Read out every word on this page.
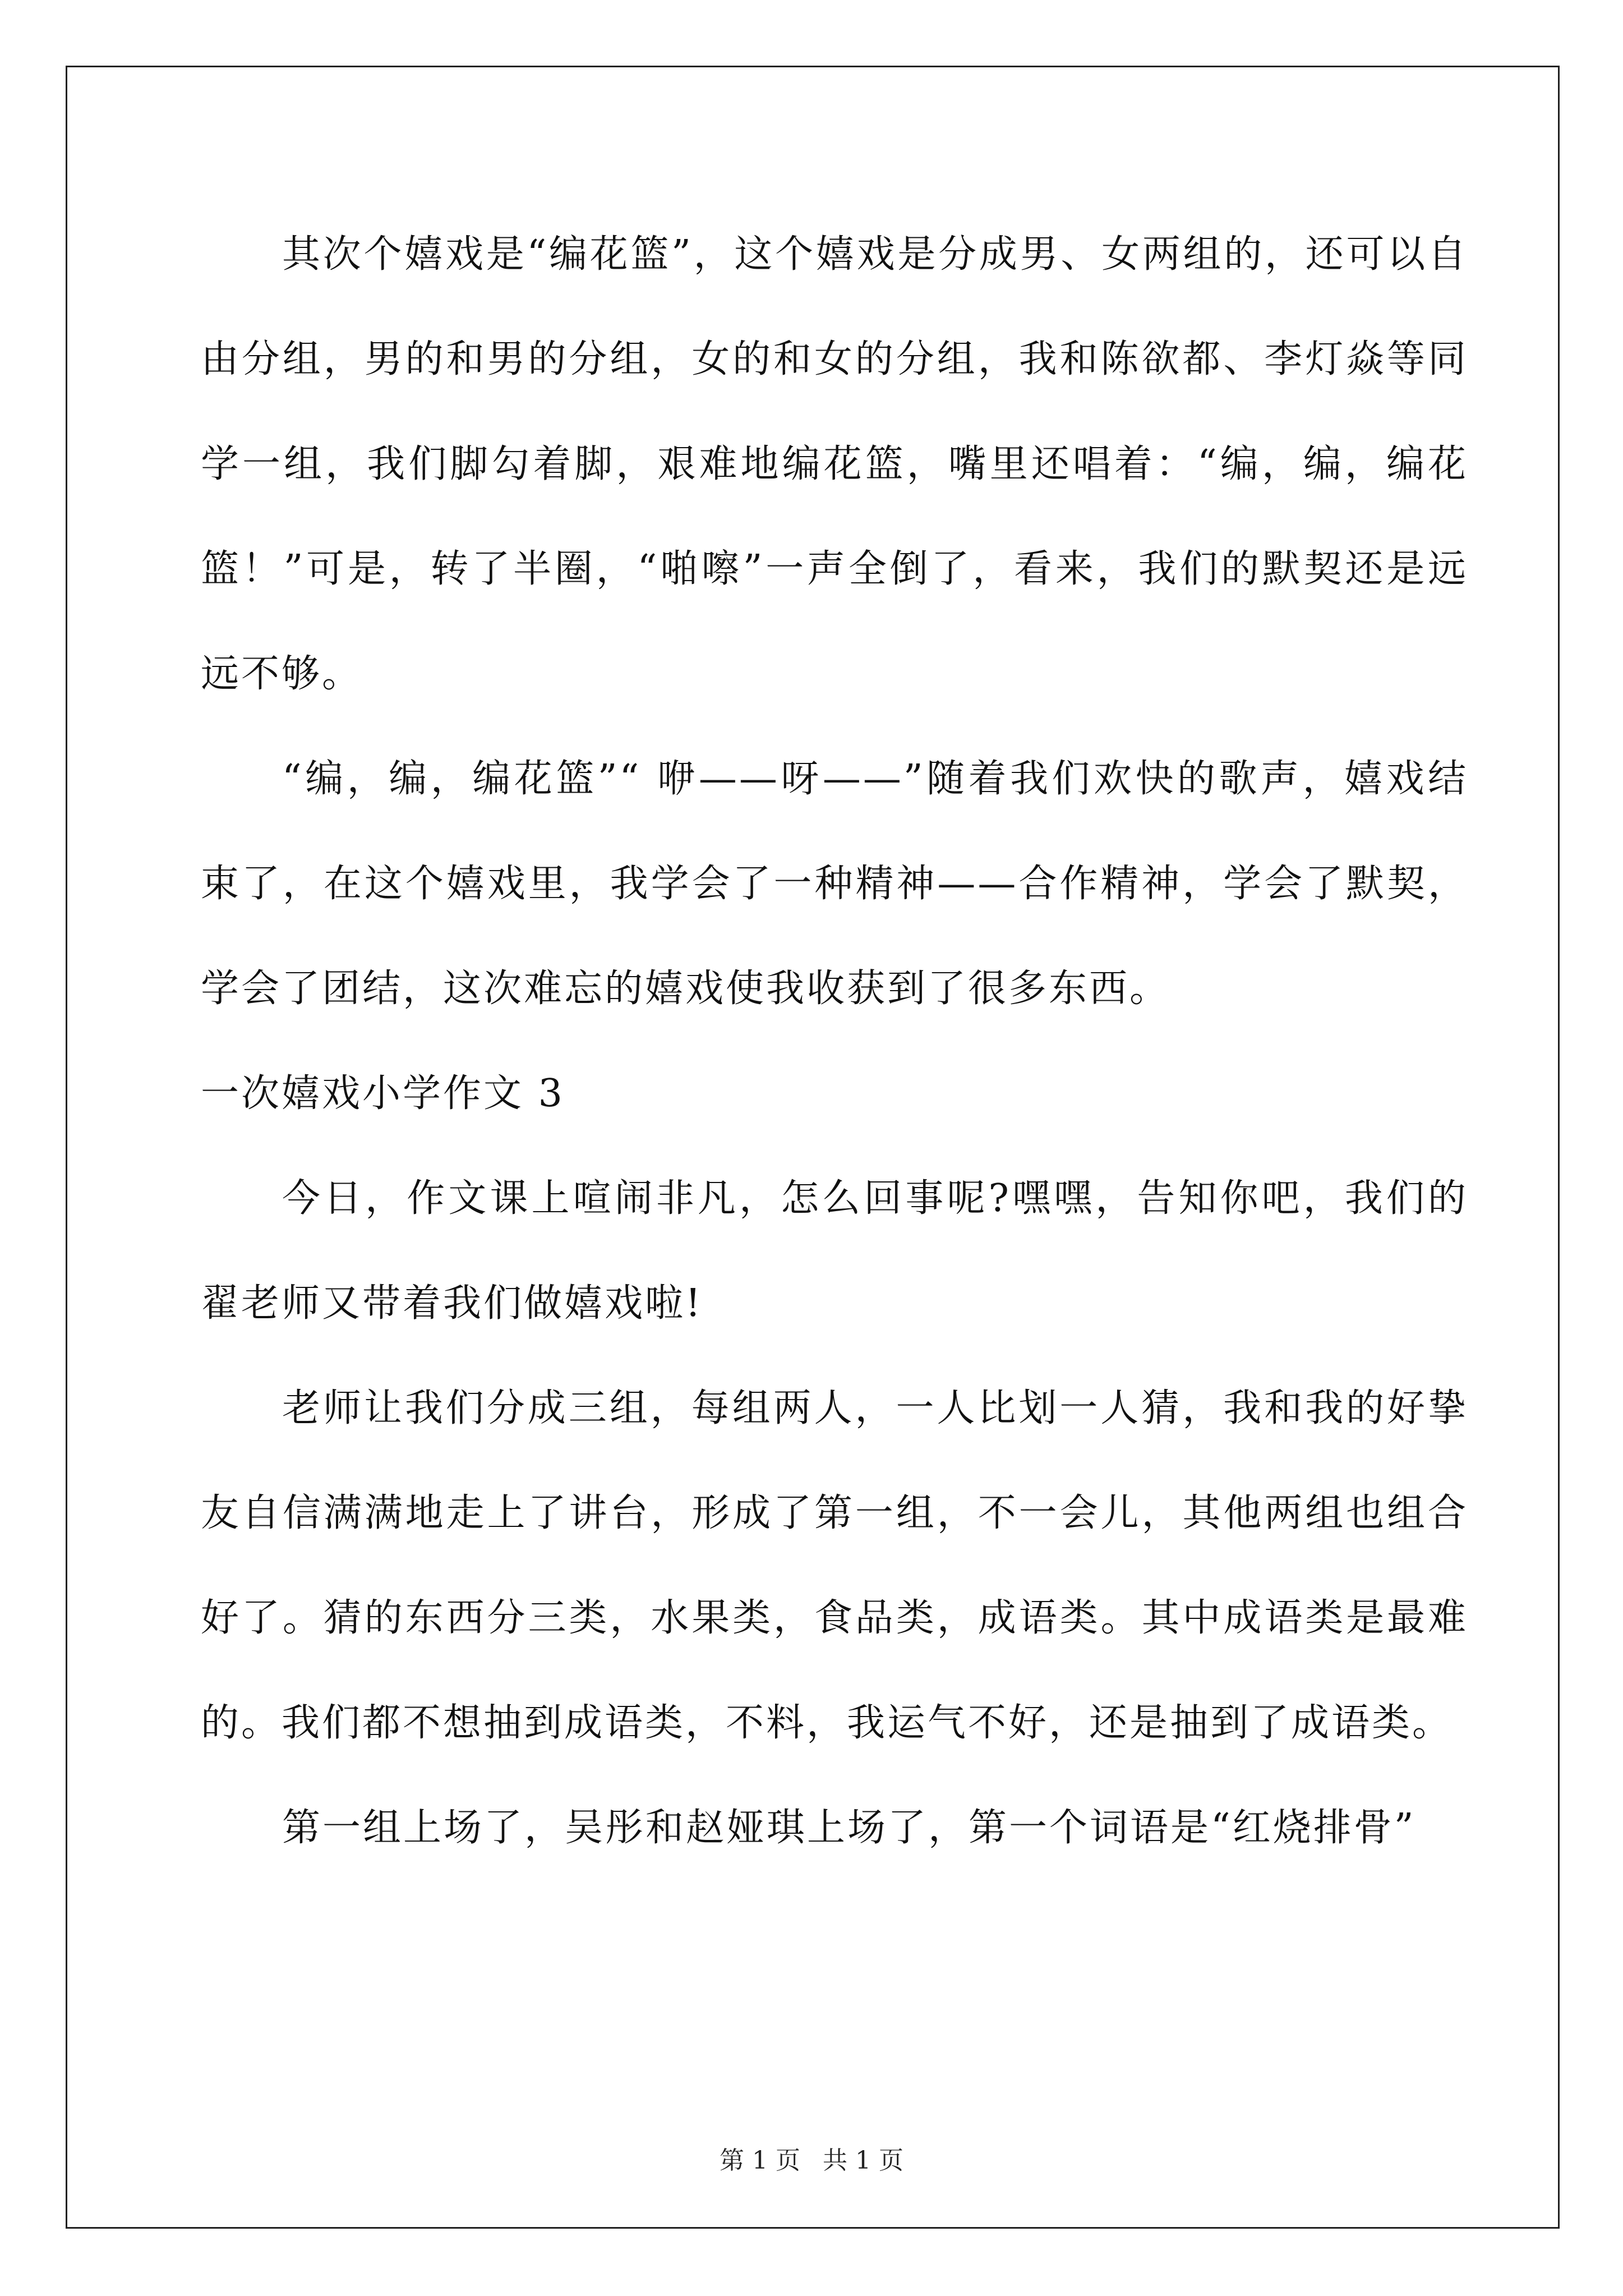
其次个嬉戏是“编花篮”，这个嬉戏是分成男、女两组的，还可以自由分组，男的和男的分组，女的和女的分组，我和陈欲都、李灯焱等同学一组，我们脚勾着脚，艰难地编花篮，嘴里还唱着：“编，编，编花篮！”可是，转了半圈，“啪嚓”一声全倒了，看来，我们的默契还是远远不够。

“编，编，编花篮”“ 咿——呀——”随着我们欢快的歌声，嬉戏结束了，在这个嬉戏里，我学会了一种精神——合作精神，学会了默契，学会了团结，这次难忘的嬉戏使我收获到了很多东西。

一次嬉戏小学作文 3

今日，作文课上喧闹非凡，怎么回事呢?嘿嘿，告知你吧，我们的翟老师又带着我们做嬉戏啦!

老师让我们分成三组，每组两人，一人比划一人猜，我和我的好挚友自信满满地走上了讲台，形成了第一组，不一会儿，其他两组也组合好了。猜的东西分三类，水果类，食品类，成语类。其中成语类是最难的。我们都不想抽到成语类，不料，我运气不好，还是抽到了成语类。

第一组上场了，吴彤和赵娅琪上场了，第一个词语是“红烧排骨”

第 1 页 共 1 页
